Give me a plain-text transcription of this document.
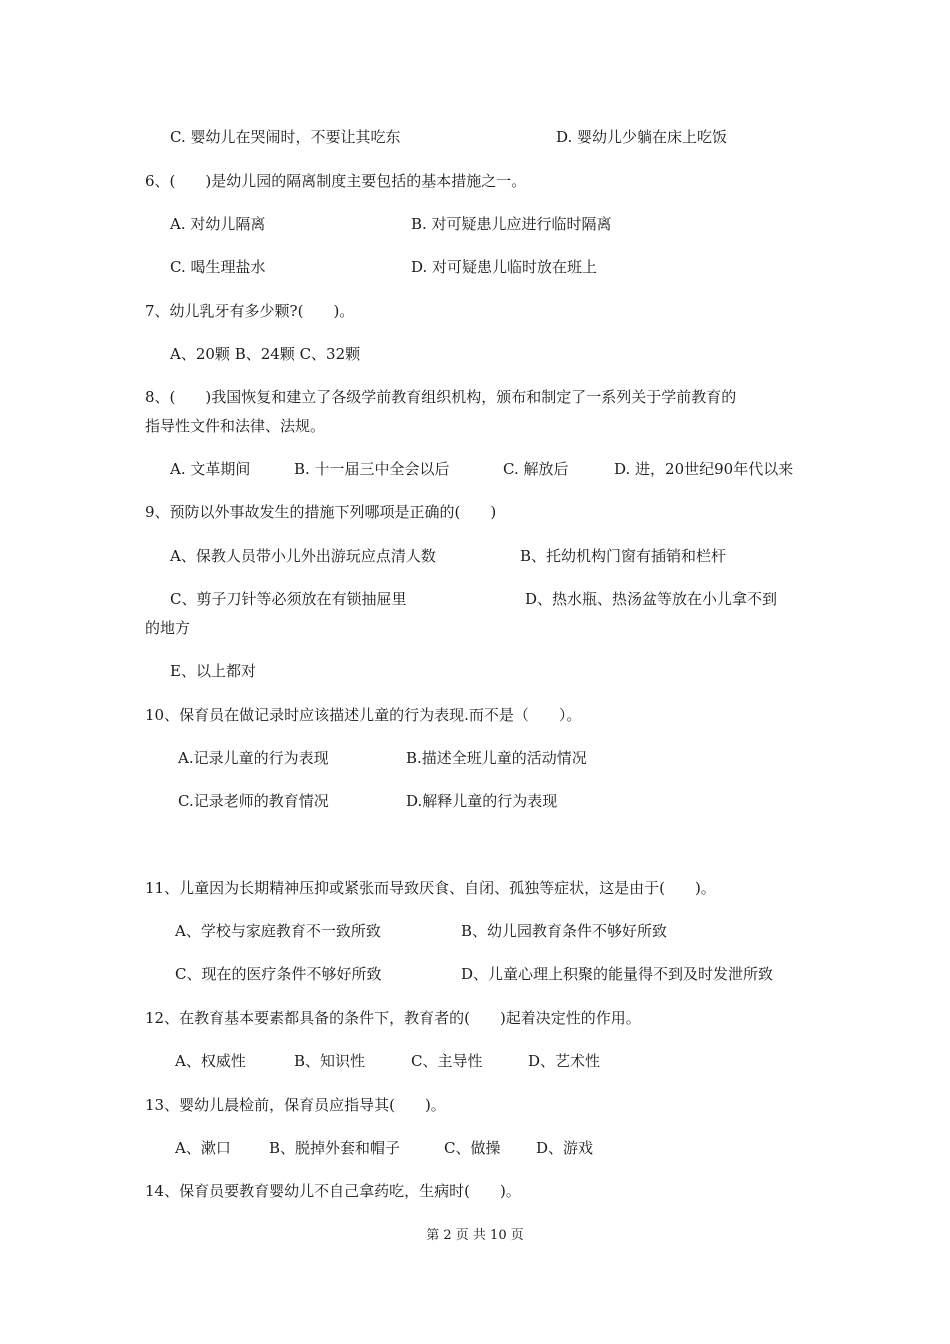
C. 婴幼儿在哭闹时，不要让其吃东	D. 婴幼儿少躺在床上吃饭
6、(　　)是幼儿园的隔离制度主要包括的基本措施之一。
A. 对幼儿隔离	B. 对可疑患儿应进行临时隔离
C. 喝生理盐水	D. 对可疑患儿临时放在班上
7、幼儿乳牙有多少颗?(　　)。
A、20颗 B、24颗 C、32颗
8、(　　)我国恢复和建立了各级学前教育组织机构，颁布和制定了一系列关于学前教育的
指导性文件和法律、法规。
A. 文革期间	B. 十一届三中全会以后	C. 解放后	D. 进，20世纪90年代以来
9、预防以外事故发生的措施下列哪项是正确的(　　)
A、保教人员带小儿外出游玩应点清人数	B、托幼机构门窗有插销和栏杆
C、剪子刀针等必须放在有锁抽屉里	D、热水瓶、热汤盆等放在小儿拿不到
的地方
E、以上都对
10、保育员在做记录时应该描述儿童的行为表现.而不是（　　）。
A.记录儿童的行为表现	B.描述全班儿童的活动情况
C.记录老师的教育情况	D.解释儿童的行为表现
11、儿童因为长期精神压抑或紧张而导致厌食、自闭、孤独等症状，这是由于(　　)。
A、学校与家庭教育不一致所致	B、幼儿园教育条件不够好所致
C、现在的医疗条件不够好所致	D、儿童心理上积聚的能量得不到及时发泄所致
12、在教育基本要素都具备的条件下，教育者的(　　)起着决定性的作用。
A、权威性	B、知识性	C、主导性	D、艺术性
13、婴幼儿晨检前，保育员应指导其(　　)。
A、漱口	B、脱掉外套和帽子	C、做操 D、游戏
14、保育员要教育婴幼儿不自己拿药吃，生病时(　　)。
第 2 页 共 10 页
